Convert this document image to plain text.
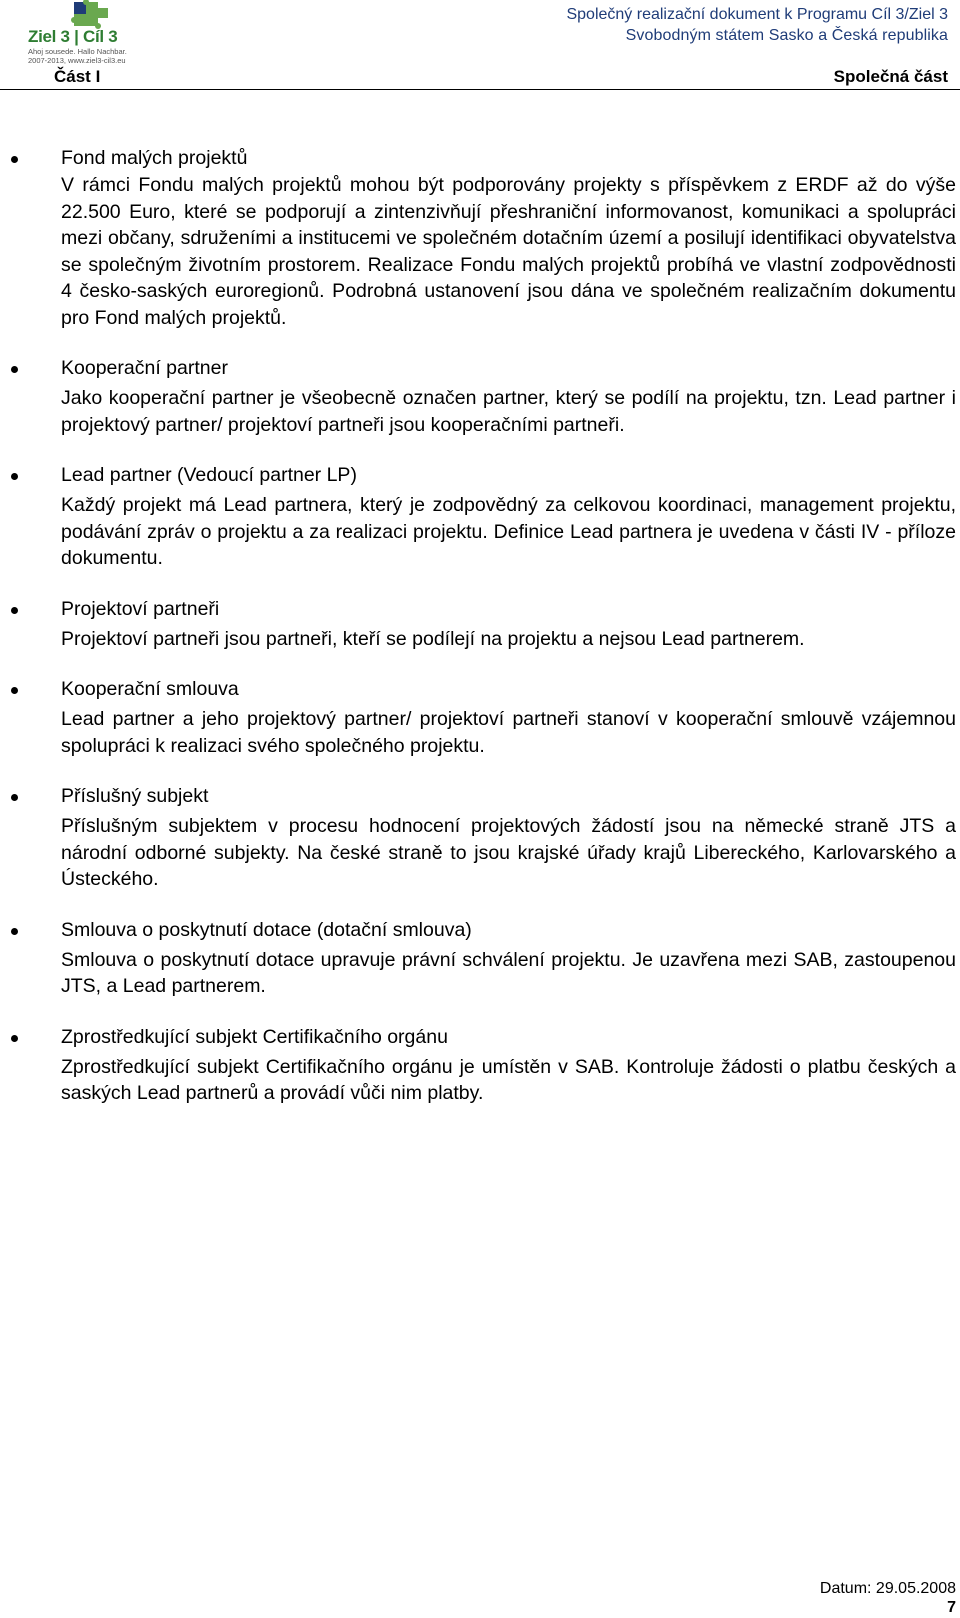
Ziel 3 | Cíl 3
Ahoj sousede. Hallo Nachbar.
2007-2013, www.ziel3-cil3.eu
Společný realizační dokument k Programu Cíl 3/Ziel 3
Svobodným státem Sasko a Česká republika
Část I	Společná část
Fond malých projektů
V rámci Fondu malých projektů mohou být podporovány projekty s příspěvkem z ERDF až do výše 22.500 Euro, které se podporují a zintenzivňují přeshraniční informovanost, komunikaci a spolupráci mezi občany, sdruženími a institucemi ve společném dotačním území a posilují identifikaci obyvatelstva se společným životním prostorem. Realizace Fondu malých projektů probíhá ve vlastní zodpovědnosti 4 česko-saských euroregionů. Podrobná ustanovení jsou dána ve společném realizačním dokumentu pro Fond malých projektů.
Kooperační partner
Jako kooperační partner je všeobecně označen partner, který se podílí na projektu, tzn. Lead partner i projektový partner/ projektoví partneři jsou kooperačními partneři.
Lead partner (Vedoucí partner LP)
Každý projekt má Lead partnera, který je zodpovědný za celkovou koordinaci, management projektu, podávání zpráv o projektu a za realizaci projektu. Definice Lead partnera je uvedena v části IV - příloze dokumentu.
Projektoví partneři
Projektoví partneři jsou partneři, kteří se podílejí na projektu a nejsou Lead partnerem.
Kooperační smlouva
Lead partner a jeho projektový partner/ projektoví partneři stanoví v kooperační smlouvě vzájemnou spolupráci k realizaci svého společného projektu.
Příslušný subjekt
Příslušným subjektem v procesu hodnocení projektových žádostí jsou na německé straně JTS a národní odborné subjekty. Na české straně to jsou krajské úřady krajů Libereckého, Karlovarského a Ústeckého.
Smlouva o poskytnutí dotace (dotační smlouva)
Smlouva o poskytnutí dotace upravuje právní schválení projektu. Je uzavřena mezi SAB, zastoupenou JTS, a Lead partnerem.
Zprostředkující subjekt Certifikačního orgánu
Zprostředkující subjekt Certifikačního orgánu je umístěn v SAB. Kontroluje žádosti o platbu českých a saských Lead partnerů a provádí vůči nim platby.
Datum: 29.05.2008
7
